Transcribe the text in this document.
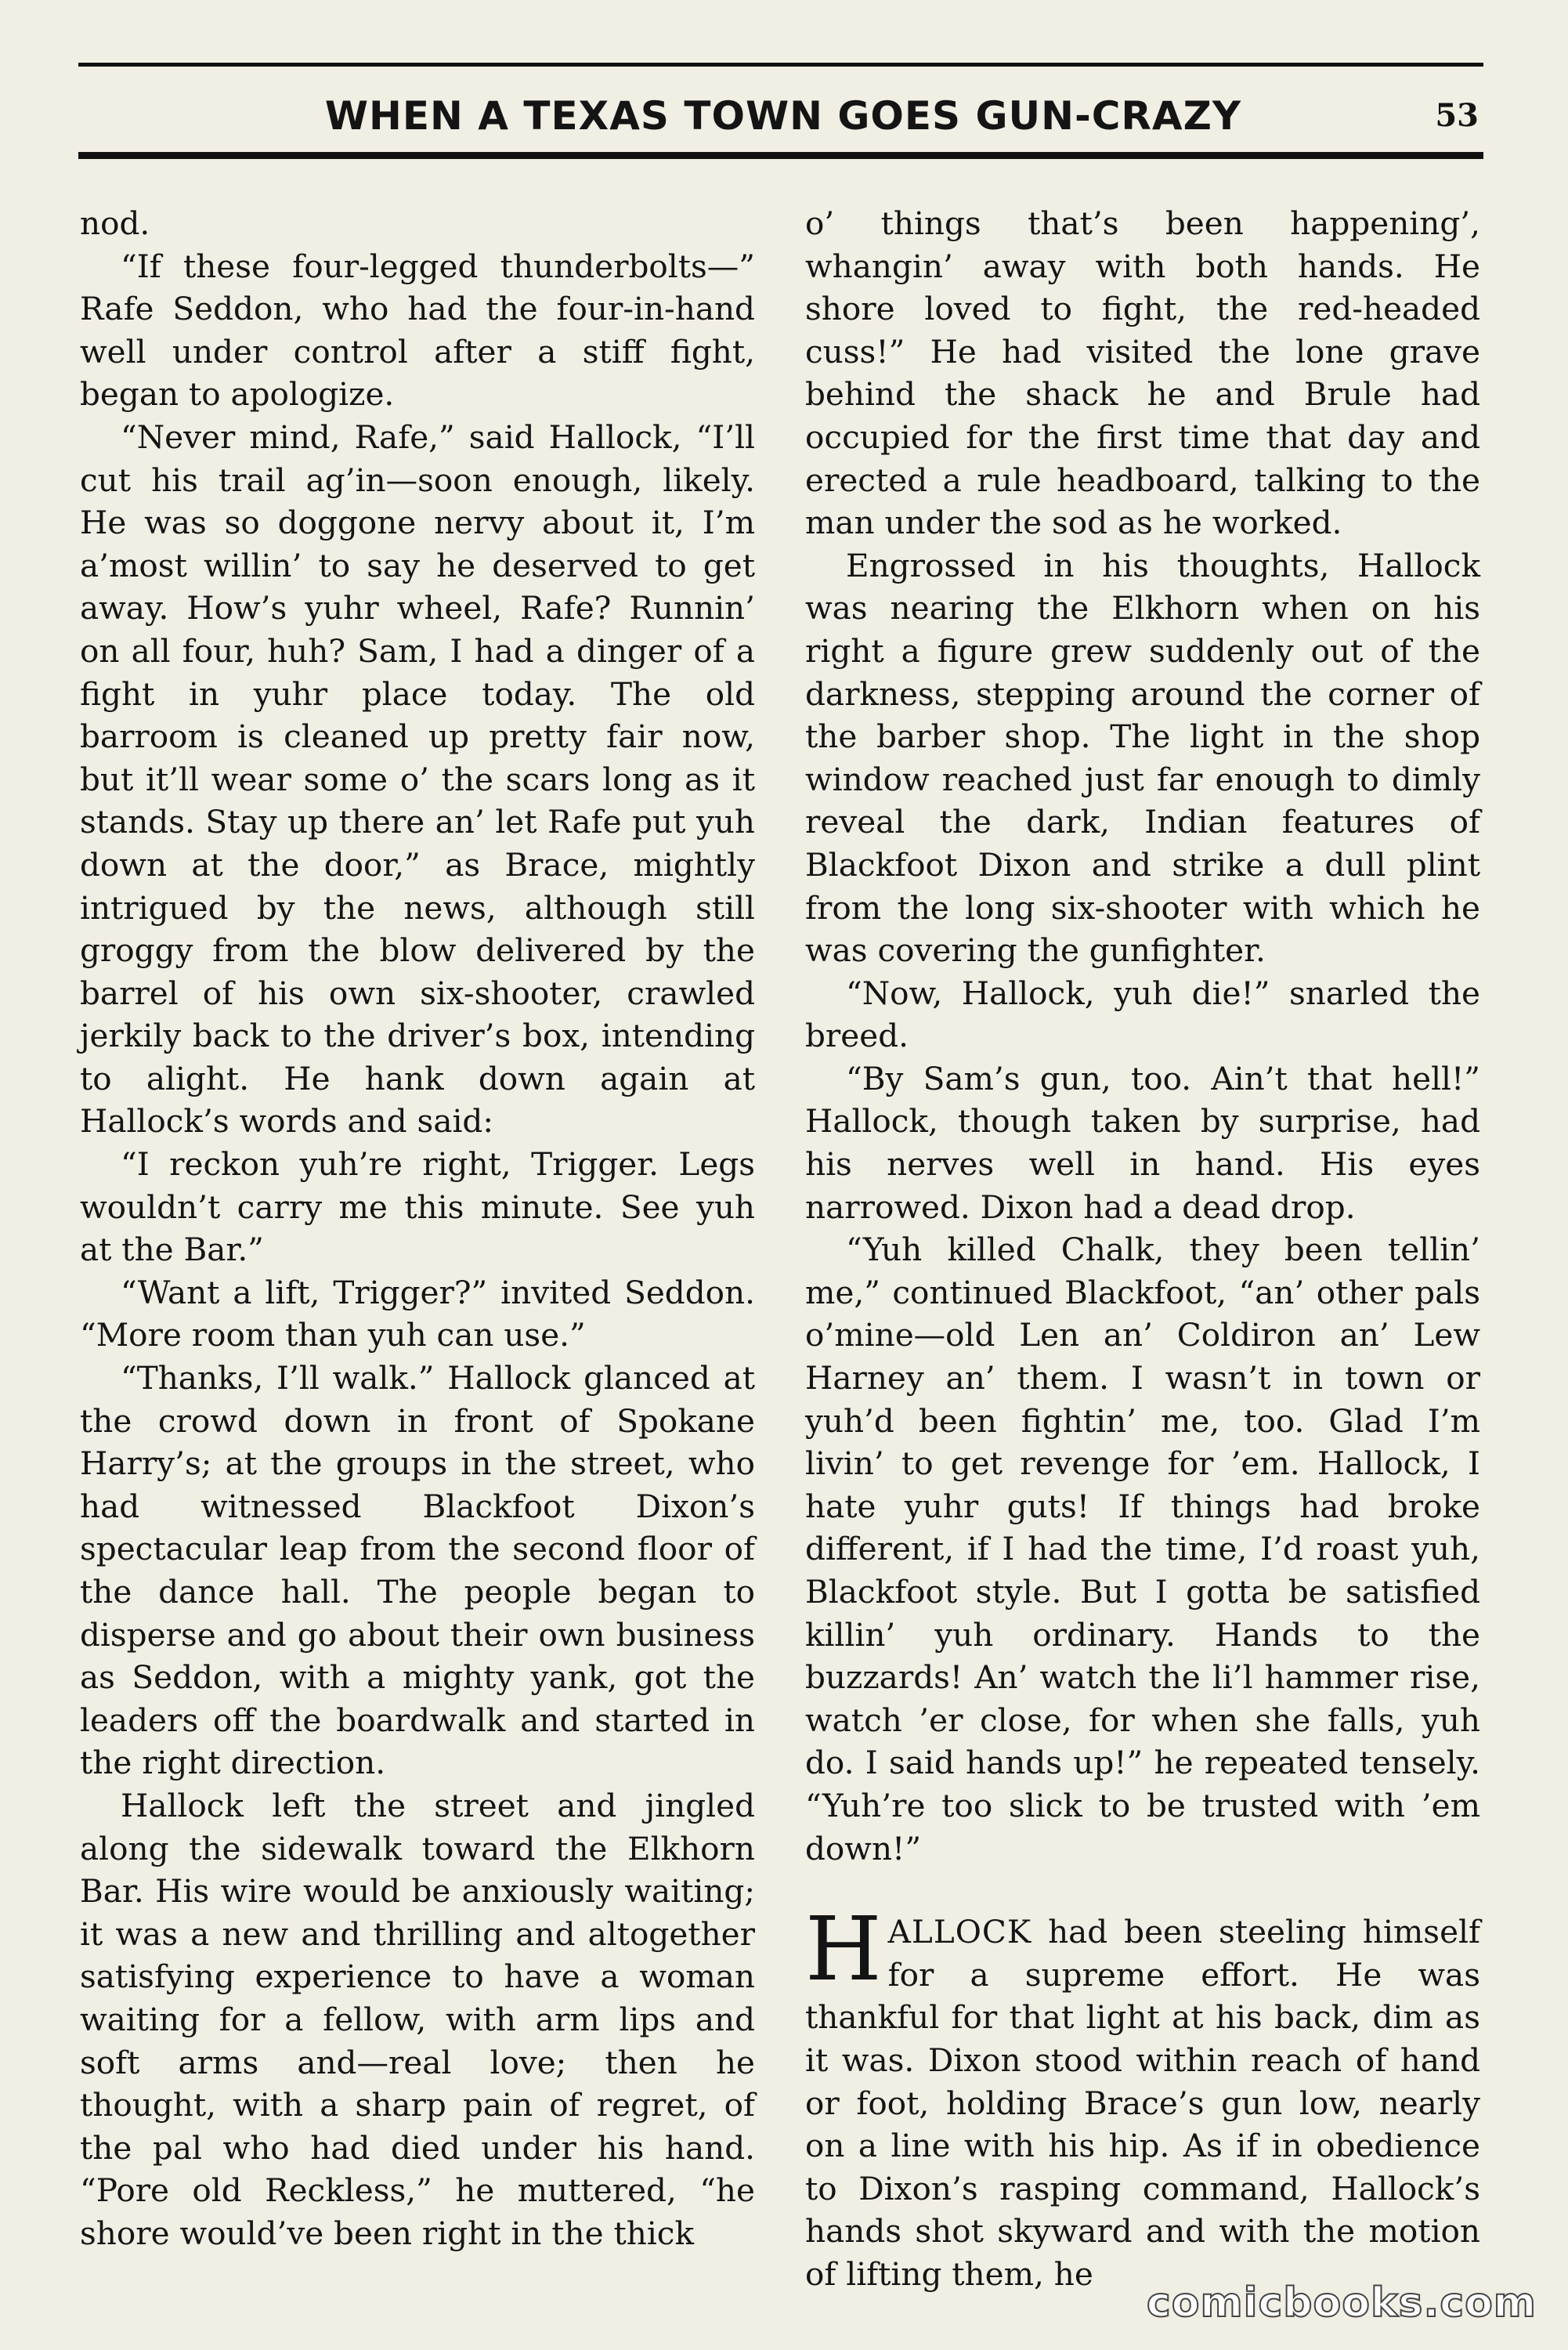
WHEN A TEXAS TOWN GOES GUN-CRAZY	53

nod.

“If these four-legged thunderbolts—” Rafe Seddon, who had the four-in-hand well under control after a stiff fight, began to apologize.

“Never mind, Rafe,” said Hallock, “I’ll cut his trail ag’in—soon enough, likely. He was so doggone nervy about it, I’m a’most willin’ to say he deserved to get away. How’s yuhr wheel, Rafe? Runnin’ on all four, huh? Sam, I had a dinger of a fight in yuhr place today. The old barroom is cleaned up pretty fair now, but it’ll wear some o’ the scars long as it stands. Stay up there an’ let Rafe put yuh down at the door,” as Brace, mightly intrigued by the news, although still groggy from the blow delivered by the barrel of his own six-shooter, crawled jerkily back to the driver’s box, intending to alight. He hank down again at Hallock’s words and said:

“I reckon yuh’re right, Trigger. Legs wouldn’t carry me this minute. See yuh at the Bar.”

“Want a lift, Trigger?” invited Seddon. “More room than yuh can use.”

“Thanks, I’ll walk.” Hallock glanced at the crowd down in front of Spokane Harry’s; at the groups in the street, who had witnessed Blackfoot Dixon’s spectacular leap from the second floor of the dance hall. The people began to disperse and go about their own business as Seddon, with a mighty yank, got the leaders off the boardwalk and started in the right direction.

Hallock left the street and jingled along the sidewalk toward the Elkhorn Bar. His wire would be anxiously waiting; it was a new and thrilling and altogether satisfying experience to have a woman waiting for a fellow, with arm lips and soft arms and—real love; then he thought, with a sharp pain of regret, of the pal who had died under his hand. “Pore old Reckless,” he muttered, “he shore would’ve been right in the thick

o’ things that’s been happening’, whangin’ away with both hands. He shore loved to fight, the red-headed cuss!” He had visited the lone grave behind the shack he and Brule had occupied for the first time that day and erected a rule headboard, talking to the man under the sod as he worked.

Engrossed in his thoughts, Hallock was nearing the Elkhorn when on his right a figure grew suddenly out of the darkness, stepping around the corner of the barber shop. The light in the shop window reached just far enough to dimly reveal the dark, Indian features of Blackfoot Dixon and strike a dull plint from the long six-shooter with which he was covering the gunfighter.

“Now, Hallock, yuh die!” snarled the breed.

“By Sam’s gun, too. Ain’t that hell!” Hallock, though taken by surprise, had his nerves well in hand. His eyes narrowed. Dixon had a dead drop.

“Yuh killed Chalk, they been tellin’ me,” continued Blackfoot, “an’ other pals o’mine—old Len an’ Coldiron an’ Lew Harney an’ them. I wasn’t in town or yuh’d been fightin’ me, too. Glad I’m livin’ to get revenge for ’em. Hallock, I hate yuhr guts! If things had broke different, if I had the time, I’d roast yuh, Blackfoot style. But I gotta be satisfied killin’ yuh ordinary. Hands to the buzzards! An’ watch the li’l hammer rise, watch ’er close, for when she falls, yuh do. I said hands up!” he repeated tensely. “Yuh’re too slick to be trusted with ’em down!”

HALLOCK had been steeling himself for a supreme effort. He was thankful for that light at his back, dim as it was. Dixon stood within reach of hand or foot, holding Brace’s gun low, nearly on a line with his hip. As if in obedience to Dixon’s rasping command, Hallock’s hands shot skyward and with the motion of lifting them, he

comicbooks.com
